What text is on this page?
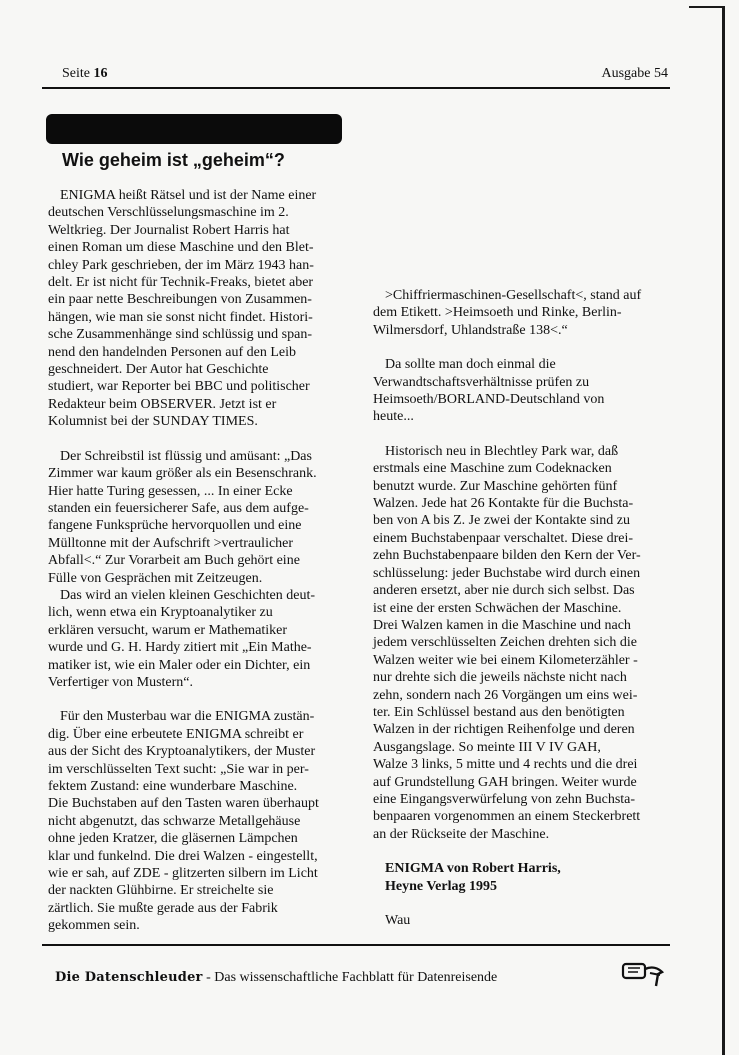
Seite 16	Ausgabe 54

Wie geheim ist „geheim“?

ENIGMA heißt Rätsel und ist der Name einer

deutschen Verschlüsselungsmaschine im 2.

Weltkrieg. Der Journalist Robert Harris hat

einen Roman um diese Maschine und den Blet-

chley Park geschrieben, der im März 1943 han-

delt. Er ist nicht für Technik-Freaks, bietet aber

ein paar nette Beschreibungen von Zusammen-

hängen, wie man sie sonst nicht findet. Histori-

sche Zusammenhänge sind schlüssig und span-

nend den handelnden Personen auf den Leib

geschneidert. Der Autor hat Geschichte

studiert, war Reporter bei BBC und politischer

Redakteur beim OBSERVER. Jetzt ist er

Kolumnist bei der SUNDAY TIMES.

Der Schreibstil ist flüssig und amüsant: „Das

Zimmer war kaum größer als ein Besenschrank.

Hier hatte Turing gesessen, ... In einer Ecke

standen ein feuersicherer Safe, aus dem aufge-

fangene Funksprüche hervorquollen und eine

Mülltonne mit der Aufschrift >vertraulicher

Abfall<.“ Zur Vorarbeit am Buch gehört eine

Fülle von Gesprächen mit Zeitzeugen.

Das wird an vielen kleinen Geschichten deut-

lich, wenn etwa ein Kryptoanalytiker zu

erklären versucht, warum er Mathematiker

wurde und G. H. Hardy zitiert mit „Ein Mathe-

matiker ist, wie ein Maler oder ein Dichter, ein

Verfertiger von Mustern“.

Für den Musterbau war die ENIGMA zustän-

dig. Über eine erbeutete ENIGMA schreibt er

aus der Sicht des Kryptoanalytikers, der Muster

im verschlüsselten Text sucht: „Sie war in per-

fektem Zustand: eine wunderbare Maschine.

Die Buchstaben auf den Tasten waren überhaupt

nicht abgenutzt, das schwarze Metallgehäuse

ohne jeden Kratzer, die gläsernen Lämpchen

klar und funkelnd. Die drei Walzen - eingestellt,

wie er sah, auf ZDE - glitzerten silbern im Licht

der nackten Glühbirne. Er streichelte sie

zärtlich. Sie mußte gerade aus der Fabrik

gekommen sein.

>Chiffriermaschinen-Gesellschaft<, stand auf

dem Etikett. >Heimsoeth und Rinke, Berlin-

Wilmersdorf, Uhlandstraße 138<.“

Da sollte man doch einmal die

Verwandtschaftsverhältnisse prüfen zu

Heimsoeth/BORLAND-Deutschland von

heute...

Historisch neu in Blechtley Park war, daß

erstmals eine Maschine zum Codeknacken

benutzt wurde. Zur Maschine gehörten fünf

Walzen. Jede hat 26 Kontakte für die Buchsta-

ben von A bis Z. Je zwei der Kontakte sind zu

einem Buchstabenpaar verschaltet. Diese drei-

zehn Buchstabenpaare bilden den Kern der Ver-

schlüsselung: jeder Buchstabe wird durch einen

anderen ersetzt, aber nie durch sich selbst. Das

ist eine der ersten Schwächen der Maschine.

Drei Walzen kamen in die Maschine und nach

jedem verschlüsselten Zeichen drehten sich die

Walzen weiter wie bei einem Kilometerzähler -

nur drehte sich die jeweils nächste nicht nach

zehn, sondern nach 26 Vorgängen um eins wei-

ter. Ein Schlüssel bestand aus den benötigten

Walzen in der richtigen Reihenfolge und deren

Ausgangslage. So meinte III V IV GAH,

Walze 3 links, 5 mitte und 4 rechts und die drei

auf Grundstellung GAH bringen. Weiter wurde

eine Eingangsverwürfelung von zehn Buchsta-

benpaaren vorgenommen an einem Steckerbrett

an der Rückseite der Maschine.

ENIGMA von Robert Harris,

Heyne Verlag 1995

Wau

Die Datenschleuder - Das wissenschaftliche Fachblatt für Datenreisende
